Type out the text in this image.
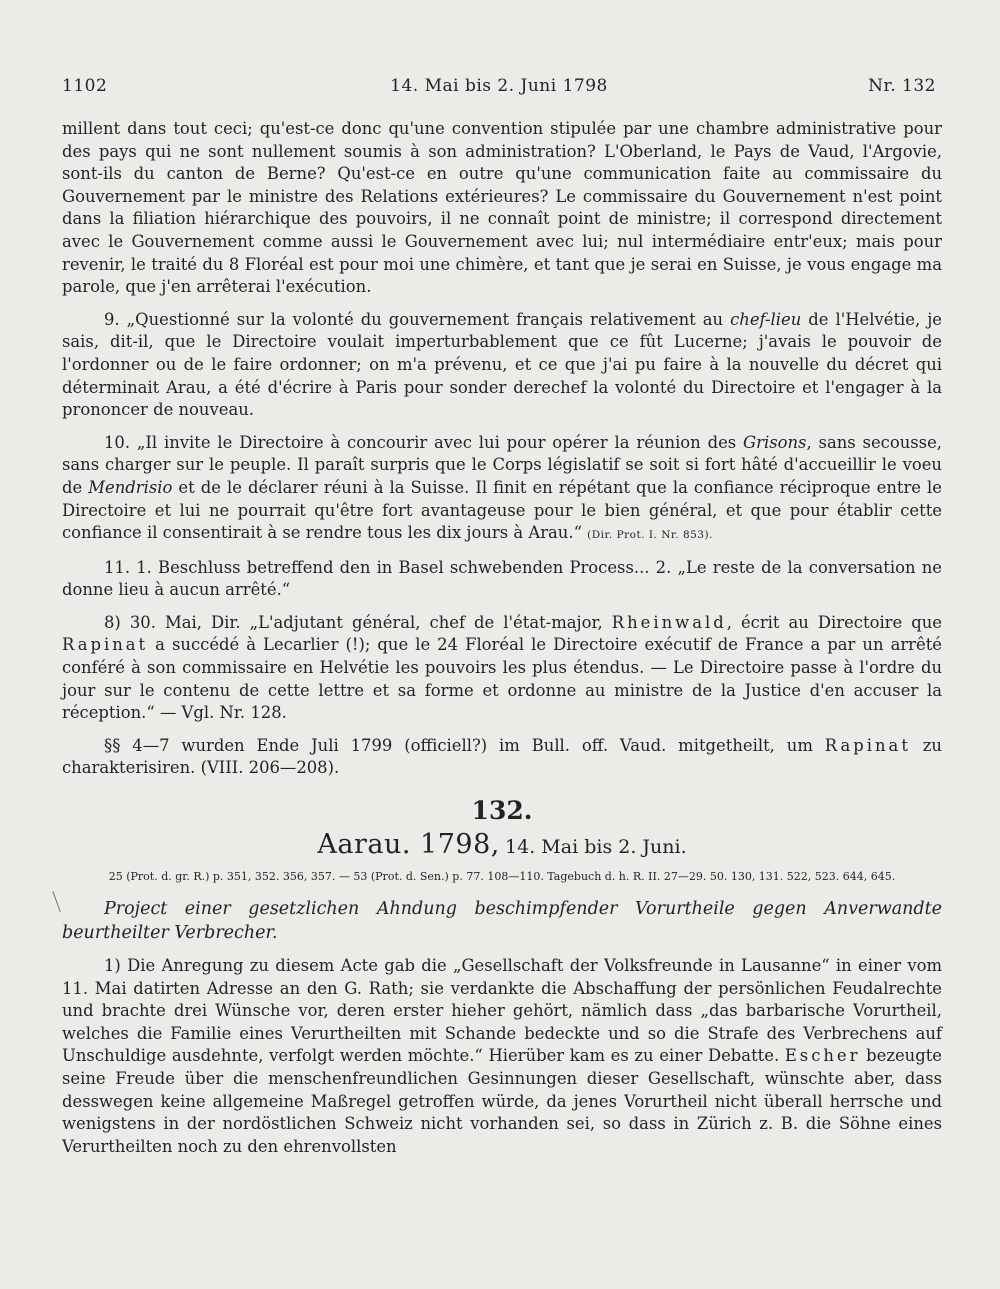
1102	14. Mai bis 2. Juni 1798	Nr. 132

millent dans tout ceci; qu'est-ce donc qu'une convention stipulée par une chambre administrative pour des pays qui ne sont nullement soumis à son administration? L'Oberland, le Pays de Vaud, l'Argovie, sont-ils du canton de Berne? Qu'est-ce en outre qu'une communication faite au commissaire du Gouvernement par le ministre des Relations extérieures? Le commissaire du Gouvernement n'est point dans la filiation hiérarchique des pouvoirs, il ne connaît point de ministre; il correspond directement avec le Gouvernement comme aussi le Gouvernement avec lui; nul intermédiaire entr'eux; mais pour revenir, le traité du 8 Floréal est pour moi une chimère, et tant que je serai en Suisse, je vous engage ma parole, que j'en arrêterai l'exécution.

9. „Questionné sur la volonté du gouvernement français relativement au chef-lieu de l'Helvétie, je sais, dit-il, que le Directoire voulait imperturbablement que ce fût Lucerne; j'avais le pouvoir de l'ordonner ou de le faire ordonner; on m'a prévenu, et ce que j'ai pu faire à la nouvelle du décret qui déterminait Arau, a été d'écrire à Paris pour sonder derechef la volonté du Directoire et l'engager à la prononcer de nouveau.

10. „Il invite le Directoire à concourir avec lui pour opérer la réunion des Grisons, sans secousse, sans charger sur le peuple. Il paraît surpris que le Corps législatif se soit si fort hâté d'accueillir le voeu de Mendrisio et de le déclarer réuni à la Suisse. Il finit en répétant que la confiance réciproque entre le Directoire et lui ne pourrait qu'être fort avantageuse pour le bien général, et que pour établir cette confiance il consentirait à se rendre tous les dix jours à Arau.“ (Dir. Prot. I. Nr. 853).

11. 1. Beschluss betreffend den in Basel schwebenden Process... 2. „Le reste de la conversation ne donne lieu à aucun arrêté.“

8) 30. Mai, Dir. „L'adjutant général, chef de l'état-major, Rheinwald, écrit au Directoire que Rapinat a succédé à Lecarlier (!); que le 24 Floréal le Directoire exécutif de France a par un arrêté conféré à son commissaire en Helvétie les pouvoirs les plus étendus. — Le Directoire passe à l'ordre du jour sur le contenu de cette lettre et sa forme et ordonne au ministre de la Justice d'en accuser la réception.“ — Vgl. Nr. 128.

§§ 4—7 wurden Ende Juli 1799 (officiell?) im Bull. off. Vaud. mitgetheilt, um Rapinat zu charakterisiren. (VIII. 206—208).

132.

Aarau. 1798, 14. Mai bis 2. Juni.

25 (Prot. d. gr. R.) p. 351, 352. 356, 357. — 53 (Prot. d. Sen.) p. 77. 108—110. Tagebuch d. h. R. II. 27—29. 50. 130, 131. 522, 523. 644, 645.

Project einer gesetzlichen Ahndung beschimpfender Vorurtheile gegen Anverwandte beurtheilter Verbrecher.

1) Die Anregung zu diesem Acte gab die „Gesellschaft der Volksfreunde in Lausanne“ in einer vom 11. Mai datirten Adresse an den G. Rath; sie verdankte die Abschaffung der persönlichen Feudalrechte und brachte drei Wünsche vor, deren erster hieher gehört, nämlich dass „das barbarische Vorurtheil, welches die Familie eines Verurtheilten mit Schande bedeckte und so die Strafe des Verbrechens auf Unschuldige ausdehnte, verfolgt werden möchte.“ Hierüber kam es zu einer Debatte. Escher bezeugte seine Freude über die menschenfreundlichen Gesinnungen dieser Gesellschaft, wünschte aber, dass desswegen keine allgemeine Maßregel getroffen würde, da jenes Vorurtheil nicht überall herrsche und wenigstens in der nordöstlichen Schweiz nicht vorhanden sei, so dass in Zürich z. B. die Söhne eines Verurtheilten noch zu den ehrenvollsten
